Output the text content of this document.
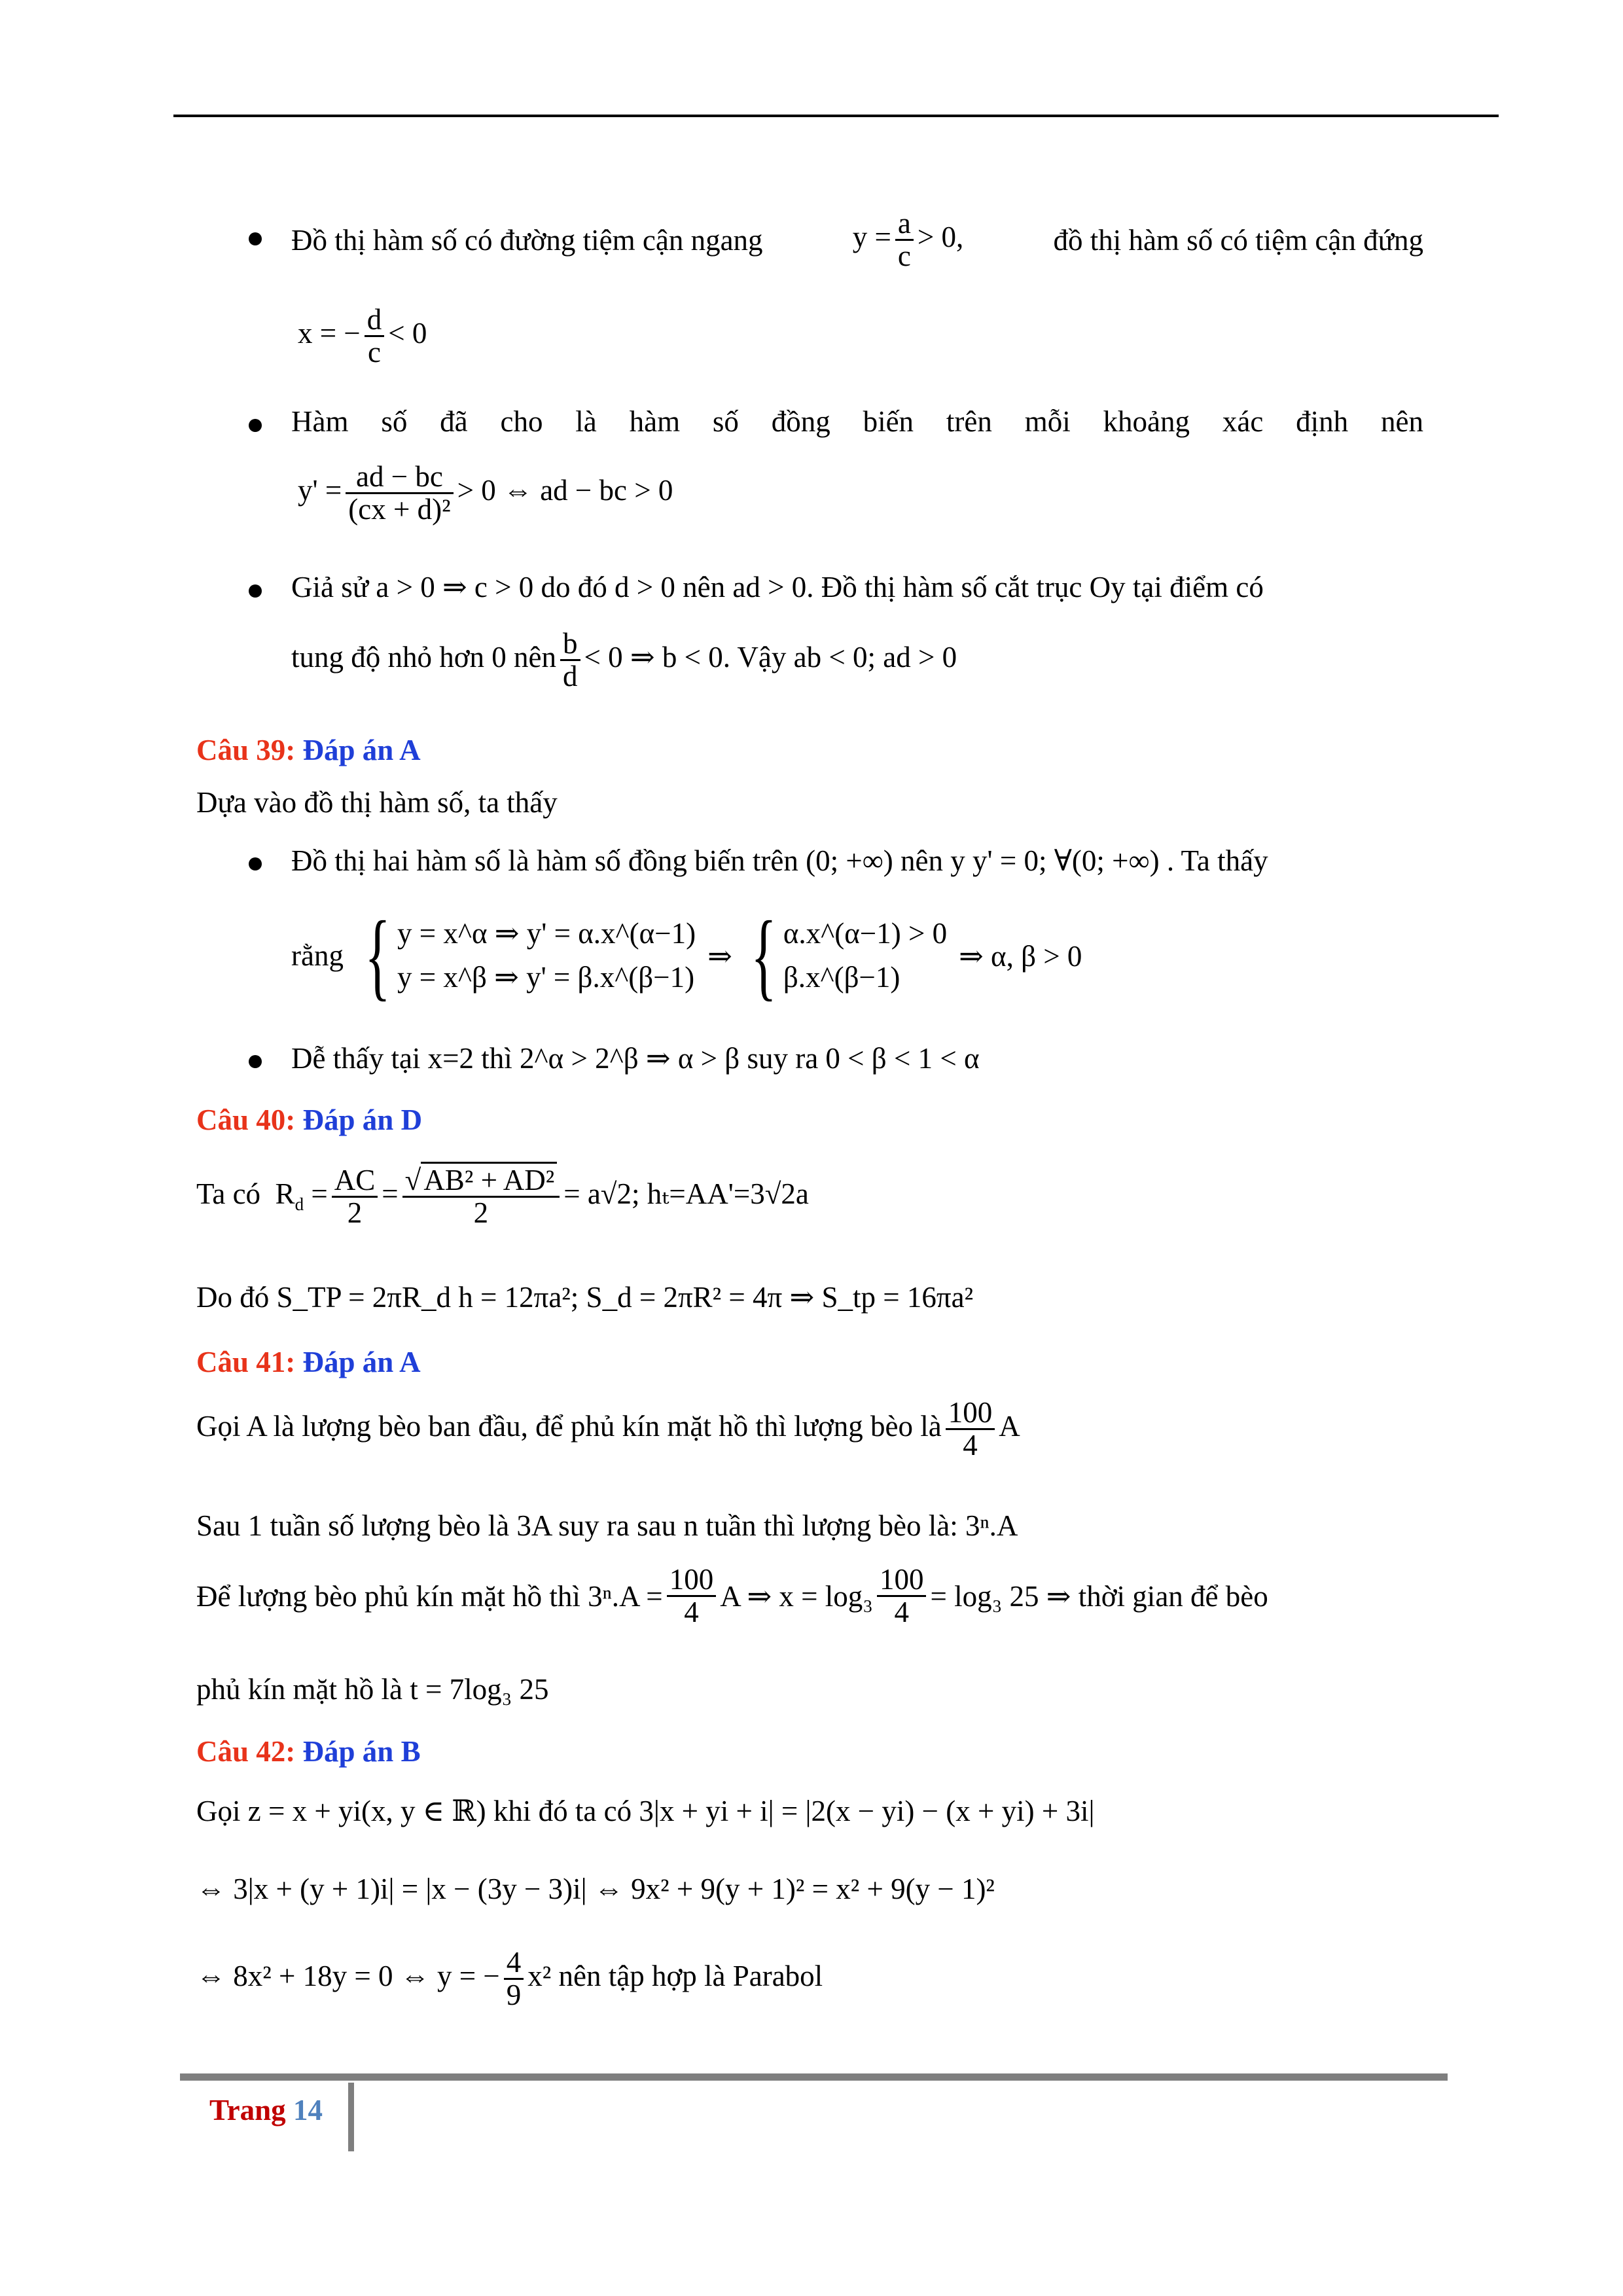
Đồ thị hàm số có đường tiệm cận ngang	$y = \frac{a}{c} > 0$,	đồ thị hàm số có tiệm cận đứng
x = − $\frac{d}{c} < 0$
Hàm số đã cho là hàm số đồng biến trên mỗi khoảng xác định nên
$y' = \frac{ad - bc}{\text{(cx + d)²}} > 0$ ⇔ ad − bc > 0
Giả sử a > 0 ⇒ c > 0 do đó d > 0 nên ad > 0. Đồ thị hàm số cắt trục Oy tại điểm có
tung độ nhỏ hơn 0 nên $\frac{b}{d} < 0$ ⇒ b < 0. Vậy ab < 0; ad > 0
Câu 39: Đáp án A
Dựa vào đồ thị hàm số, ta thấy
Đồ thị hai hàm số là hàm số đồng biến trên (0; +∞) nên y y' = 0; ∀(0; +∞) . Ta thấy
rằng { y = x^α ⇒ y' = α.x^(α−1)
y = x^β ⇒ y' = β.x^(β−1)
⇒ { α.x^(α−1) > 0
β.x^(β−1)
⇒ α, β > 0
Dễ thấy tại x=2 thì 2^α > 2^β ⇒ α > β suy ra 0 < β < 1 < α
Câu 40: Đáp án D
Ta có  $R_d = \frac{AC}{2} = \frac{\text{√AB² + AD²}}{2} = a√2$; hₜ=AA'=3√2a
Do đó S_TP = 2πR_d h = 12πa²; S_d = 2πR² = 4π ⇒ S_tp = 16πa²
Câu 41: Đáp án A
Gọi A là lượng bèo ban đầu, để phủ kín mặt hồ thì lượng bèo là $\frac{100}{4}$ A
Sau 1 tuần số lượng bèo là 3A suy ra sau n tuần thì lượng bèo là: 3ⁿ.A
Để lượng bèo phủ kín mặt hồ thì $3^n.A = \frac{100}{4}$ A ⇒ $x = \log_3 \frac{100}{4} = \log_3$ 25 ⇒ thời gian để bèo
phủ kín mặt hồ là t = 7log₃ 25
Câu 42: Đáp án B
Gọi z = x + yi(x, y ∈ ℝ) khi đó ta có 3|x + yi + i| = |2(x − yi) − (x + yi) + 3i|
⇔ 3|x + (y + 1)i| = |x − (3y − 3)i| ⇔ 9x² + 9(y + 1)² = x² + 9(y − 1)²
⇔ 8x² + 18y = 0 ⇔ y = − $\frac{4}{9} x^2$ nên tập hợp là Parabol
Trang 14
